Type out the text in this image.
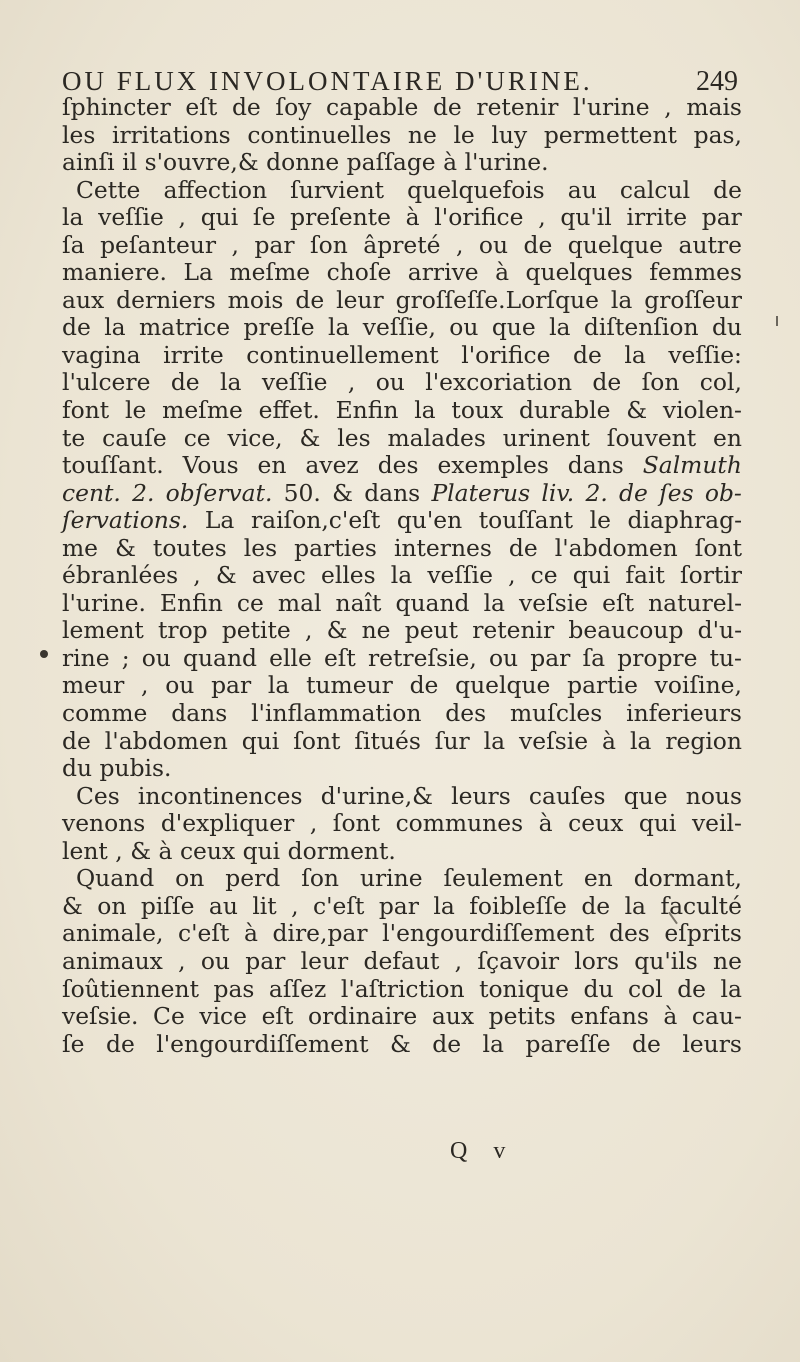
OU FLUX INVOLONTAIRE D'URINE.	249
ſphincter eſt de ſoy capable de retenir l'urine , mais
les irritations continuelles ne le luy permettent pas,
ainſi il s'ouvre,& donne paſſage à l'urine.
Cette affection ſurvient quelquefois au calcul de
la veſſie , qui ſe preſente à l'orifice , qu'il irrite par
ſa peſanteur , par ſon âpreté , ou de quelque autre
maniere. La meſme choſe arrive à quelques femmes
aux derniers mois de leur groſſeſſe.Lorſque la groſſeur
de la matrice preſſe la veſſie, ou que la diſtenſion du
vagina irrite continuellement l'orifice de la veſſie:
l'ulcere de la veſſie , ou l'excoriation de ſon col,
font le meſme effet. Enfin la toux durable & violen-
te cauſe ce vice, & les malades urinent ſouvent en
touſſant. Vous en avez des exemples dans Salmuth
cent. 2. obſervat. 50. & dans Platerus liv. 2. de ſes ob-
ſervations. La raiſon,c'eſt qu'en touſſant le diaphrag-
me & toutes les parties internes de l'abdomen ſont
ébranlées , & avec elles la veſſie , ce qui fait ſortir
l'urine. Enfin ce mal naît quand la veſsie eſt naturel-
lement trop petite , & ne peut retenir beaucoup d'u-
rine ; ou quand elle eſt retreſsie, ou par ſa propre tu-
meur , ou par la tumeur de quelque partie voiſine,
comme dans l'inflammation des muſcles inferieurs
de l'abdomen qui ſont ſitués ſur la veſsie à la region
du pubis.
Ces incontinences d'urine,& leurs cauſes que nous
venons d'expliquer , ſont communes à ceux qui veil-
lent , & à ceux qui dorment.
Quand on perd ſon urine ſeulement en dormant,
& on piſſe au lit , c'eſt par la foibleſſe de la faculté
animale, c'eſt à dire,par l'engourdiſſement des eſprits
animaux , ou par leur defaut , ſçavoir lors qu'ils ne
ſoûtiennent pas aſſez l'aſtriction tonique du col de la
veſsie. Ce vice eſt ordinaire aux petits enfans à cau-
ſe de l'engourdiſſement & de la pareſſe de leurs
Q v
